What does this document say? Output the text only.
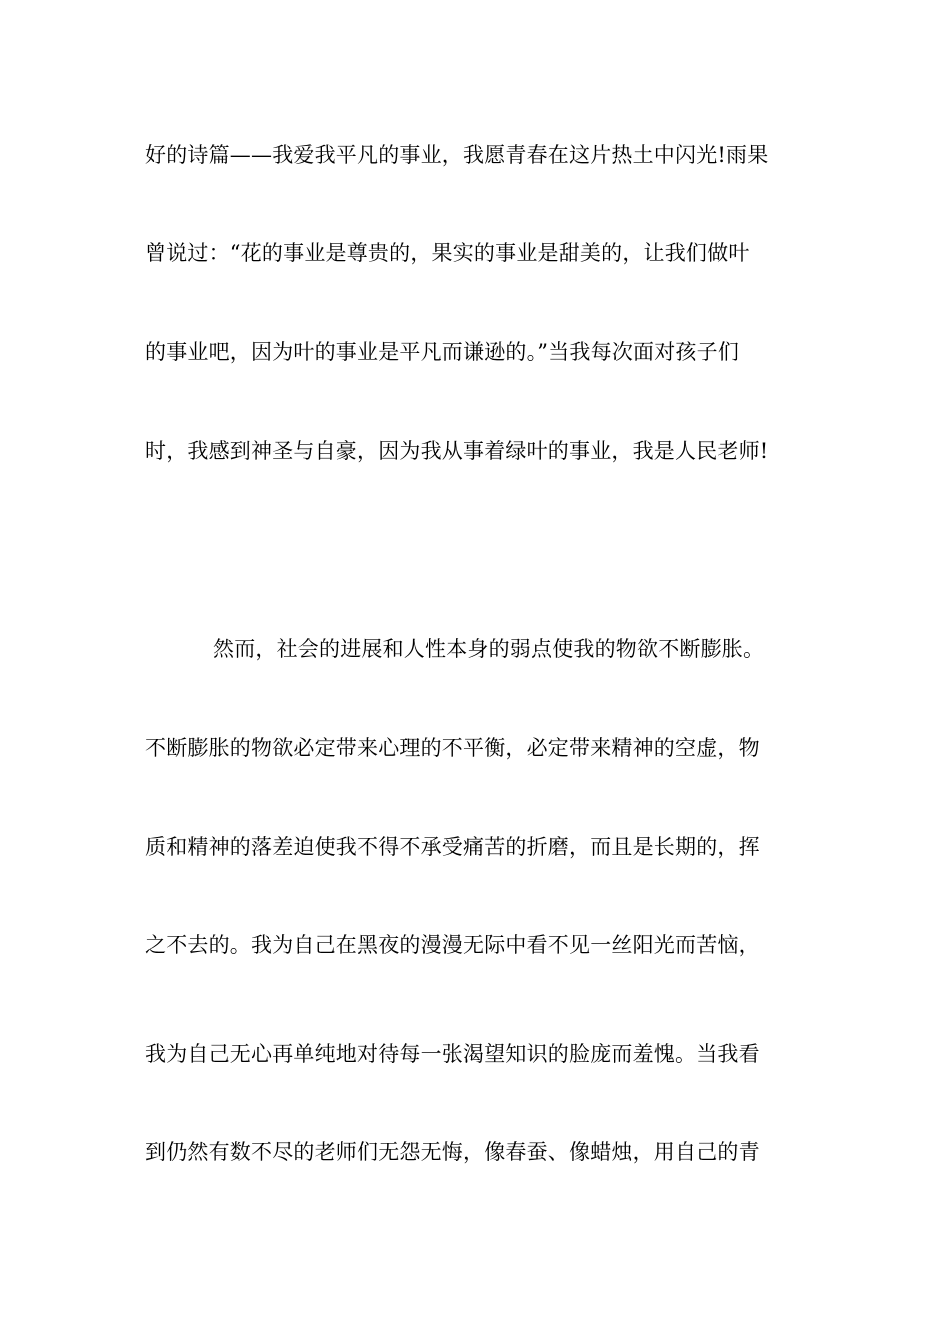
好的诗篇——我爱我平凡的事业，我愿青春在这片热土中闪光!雨果
曾说过：“花的事业是尊贵的，果实的事业是甜美的，让我们做叶
的事业吧，因为叶的事业是平凡而谦逊的。”当我每次面对孩子们
时，我感到神圣与自豪，因为我从事着绿叶的事业，我是人民老师!
然而，社会的进展和人性本身的弱点使我的物欲不断膨胀。
不断膨胀的物欲必定带来心理的不平衡，必定带来精神的空虚，物
质和精神的落差迫使我不得不承受痛苦的折磨，而且是长期的，挥
之不去的。我为自己在黑夜的漫漫无际中看不见一丝阳光而苦恼，
我为自己无心再单纯地对待每一张渴望知识的脸庞而羞愧。当我看
到仍然有数不尽的老师们无怨无悔，像春蚕、像蜡烛，用自己的青
